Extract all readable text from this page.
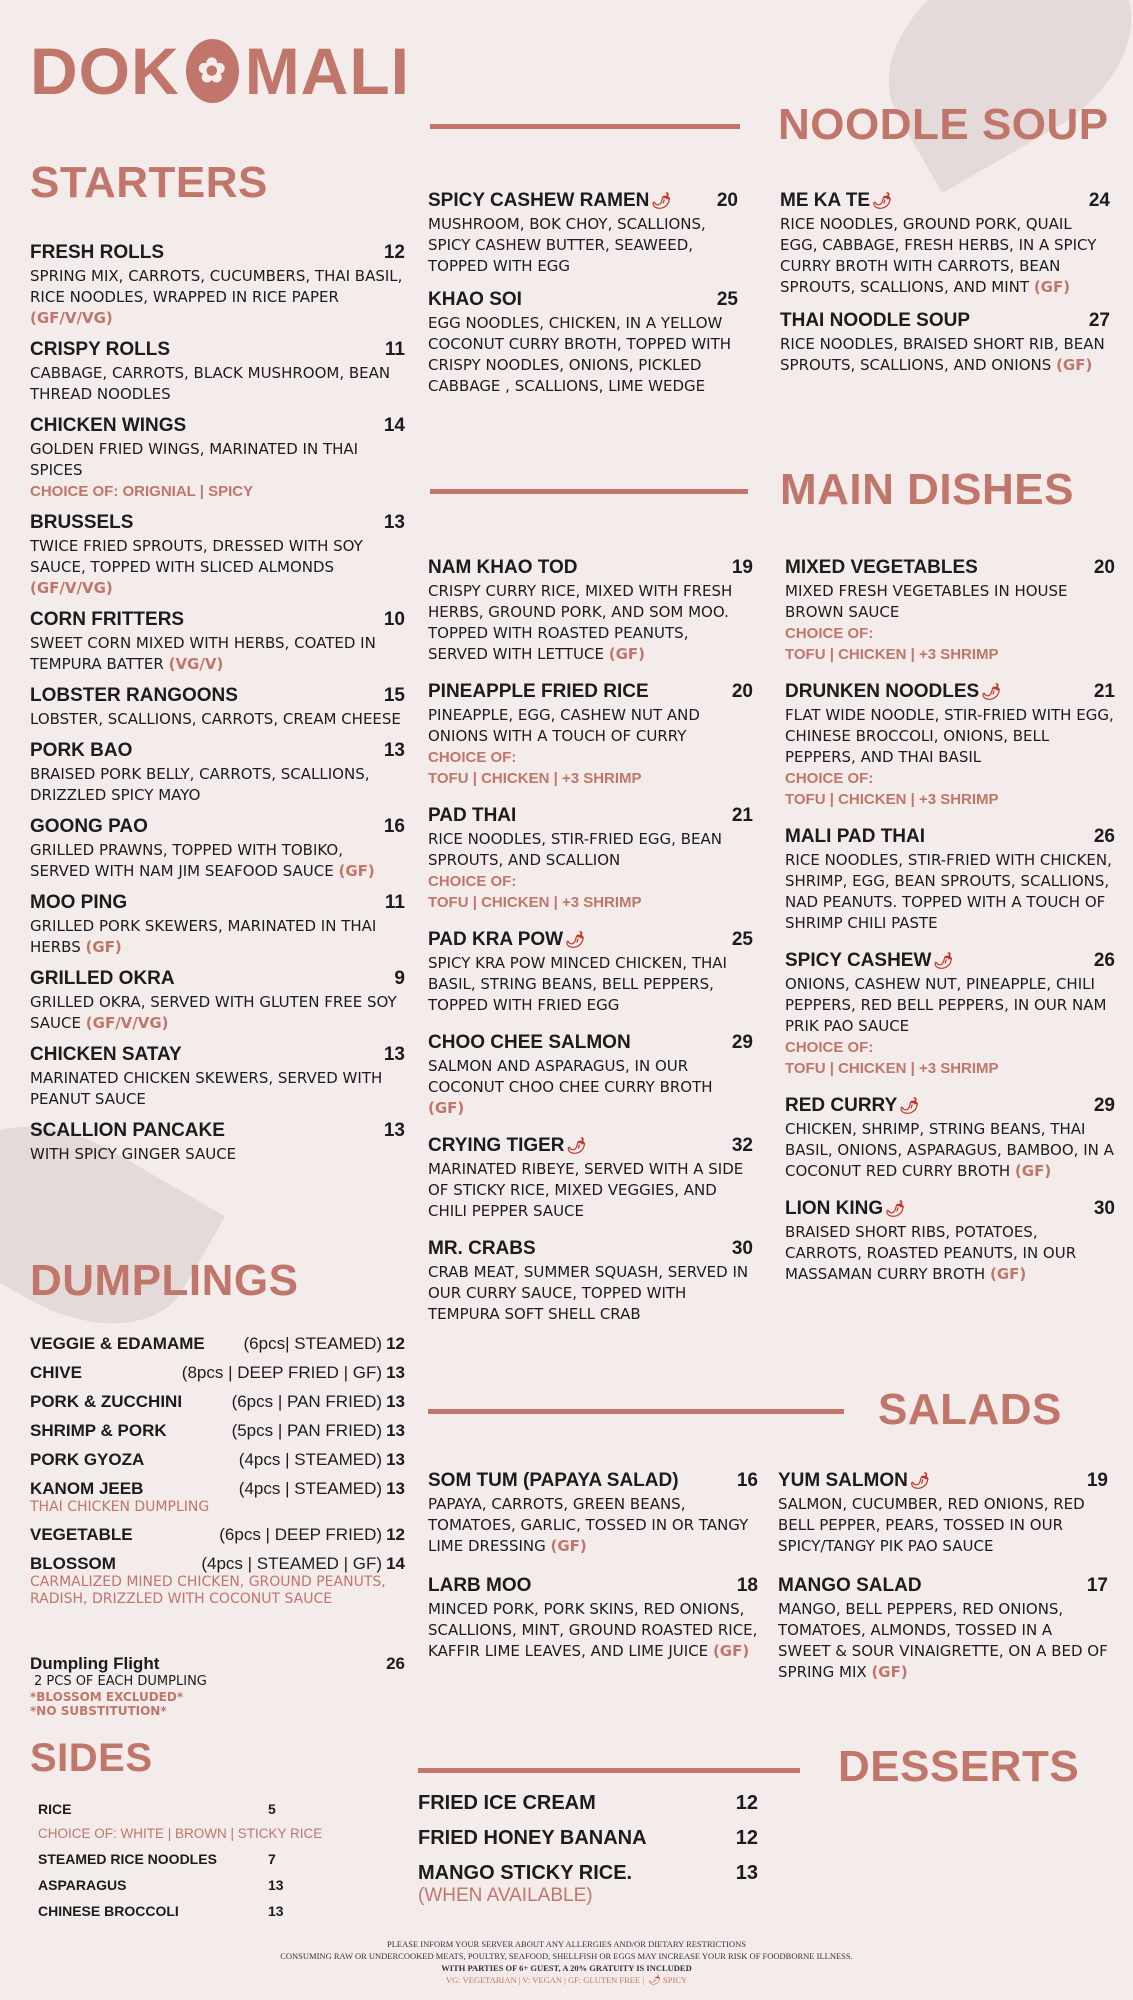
DOK ✿ MALI
STARTERS
FRESH ROLLS	12
SPRING MIX, CARROTS, CUCUMBERS, THAI BASIL, RICE NOODLES, WRAPPED IN RICE PAPER (GF/V/VG)
CRISPY ROLLS	11
CABBAGE, CARROTS, BLACK MUSHROOM, BEAN THREAD NOODLES
CHICKEN WINGS	14
GOLDEN FRIED WINGS, MARINATED IN THAI SPICES
CHOICE OF: ORIGNIAL | SPICY
BRUSSELS	13
TWICE FRIED SPROUTS, DRESSED WITH SOY SAUCE, TOPPED WITH SLICED ALMONDS (GF/V/VG)
CORN FRITTERS	10
SWEET CORN MIXED WITH HERBS, COATED IN TEMPURA BATTER (VG/V)
LOBSTER RANGOONS	15
LOBSTER, SCALLIONS, CARROTS, CREAM CHEESE
PORK BAO	13
BRAISED PORK BELLY, CARROTS, SCALLIONS, DRIZZLED SPICY MAYO
GOONG PAO	16
GRILLED PRAWNS, TOPPED WITH TOBIKO, SERVED WITH NAM JIM SEAFOOD SAUCE (GF)
MOO PING	11
GRILLED PORK SKEWERS, MARINATED IN THAI HERBS (GF)
GRILLED OKRA	9
GRILLED OKRA, SERVED WITH GLUTEN FREE SOY SAUCE (GF/V/VG)
CHICKEN SATAY	13
MARINATED CHICKEN SKEWERS, SERVED WITH PEANUT SAUCE
SCALLION PANCAKE	13
WITH SPICY GINGER SAUCE
DUMPLINGS
VEGGIE & EDAMAME	(6pcs| STEAMED) 12
CHIVE	(8pcs | DEEP FRIED | GF) 13
PORK & ZUCCHINI	(6pcs | PAN FRIED) 13
SHRIMP & PORK	(5pcs | PAN FRIED) 13
PORK GYOZA	(4pcs | STEAMED) 13
KANOM JEEB	(4pcs | STEAMED) 13
THAI CHICKEN DUMPLING
VEGETABLE	(6pcs | DEEP FRIED) 12
BLOSSOM	(4pcs | STEAMED | GF) 14
CARMALIZED MINED CHICKEN, GROUND PEANUTS, RADISH, DRIZZLED WITH COCONUT SAUCE
Dumpling Flight	26
2 PCS OF EACH DUMPLING
*BLOSSOM EXCLUDED*
*NO SUBSTITUTION*
SIDES
RICE	5
CHOICE OF: WHITE | BROWN | STICKY RICE
STEAMED RICE NOODLES	7
ASPARAGUS	13
CHINESE BROCCOLI	13
NOODLE SOUP
SPICY CASHEW RAMEN 🌶 20
MUSHROOM, BOK CHOY, SCALLIONS, SPICY CASHEW BUTTER, SEAWEED, TOPPED WITH EGG
KHAO SOI	25
EGG NOODLES, CHICKEN, IN A YELLOW COCONUT CURRY BROTH, TOPPED WITH CRISPY NOODLES, ONIONS, PICKLED CABBAGE , SCALLIONS, LIME WEDGE
ME KA TE 🌶	24
RICE NOODLES, GROUND PORK, QUAIL EGG, CABBAGE, FRESH HERBS, IN A SPICY CURRY BROTH WITH CARROTS, BEAN SPROUTS, SCALLIONS, AND MINT (GF)
THAI NOODLE SOUP	27
RICE NOODLES, BRAISED SHORT RIB, BEAN SPROUTS, SCALLIONS, AND ONIONS (GF)
MAIN DISHES
NAM KHAO TOD	19
CRISPY CURRY RICE, MIXED WITH FRESH HERBS, GROUND PORK, AND SOM MOO. TOPPED WITH ROASTED PEANUTS, SERVED WITH LETTUCE (GF)
PINEAPPLE FRIED RICE	20
PINEAPPLE, EGG, CASHEW NUT AND ONIONS WITH A TOUCH OF CURRY
CHOICE OF:
TOFU | CHICKEN | +3 SHRIMP
PAD THAI	21
RICE NOODLES, STIR-FRIED EGG, BEAN SPROUTS, AND SCALLION
CHOICE OF:
TOFU | CHICKEN | +3 SHRIMP
PAD KRA POW 🌶	25
SPICY KRA POW MINCED CHICKEN, THAI BASIL, STRING BEANS, BELL PEPPERS, TOPPED WITH FRIED EGG
CHOO CHEE SALMON	29
SALMON AND ASPARAGUS, IN OUR COCONUT CHOO CHEE CURRY BROTH (GF)
CRYING TIGER 🌶	32
MARINATED RIBEYE, SERVED WITH A SIDE OF STICKY RICE, MIXED VEGGIES, AND CHILI PEPPER SAUCE
MR. CRABS	30
CRAB MEAT, SUMMER SQUASH, SERVED IN OUR CURRY SAUCE, TOPPED WITH TEMPURA SOFT SHELL CRAB
MIXED VEGETABLES	20
MIXED FRESH VEGETABLES IN HOUSE BROWN SAUCE
CHOICE OF:
TOFU | CHICKEN | +3 SHRIMP
DRUNKEN NOODLES 🌶	21
FLAT WIDE NOODLE, STIR-FRIED WITH EGG, CHINESE BROCCOLI, ONIONS, BELL PEPPERS, AND THAI BASIL
CHOICE OF:
TOFU | CHICKEN | +3 SHRIMP
MALI PAD THAI	26
RICE NOODLES, STIR-FRIED WITH CHICKEN, SHRIMP, EGG, BEAN SPROUTS, SCALLIONS, NAD PEANUTS. TOPPED WITH A TOUCH OF SHRIMP CHILI PASTE
SPICY CASHEW 🌶	26
ONIONS, CASHEW NUT, PINEAPPLE, CHILI PEPPERS, RED BELL PEPPERS, IN OUR NAM PRIK PAO SAUCE
CHOICE OF:
TOFU | CHICKEN | +3 SHRIMP
RED CURRY 🌶	29
CHICKEN, SHRIMP, STRING BEANS, THAI BASIL, ONIONS, ASPARAGUS, BAMBOO, IN A COCONUT RED CURRY BROTH (GF)
LION KING 🌶	30
BRAISED SHORT RIBS, POTATOES, CARROTS, ROASTED PEANUTS, IN OUR MASSAMAN CURRY BROTH (GF)
SALADS
SOM TUM (PAPAYA SALAD)	16
PAPAYA, CARROTS, GREEN BEANS, TOMATOES, GARLIC, TOSSED IN OR TANGY LIME DRESSING (GF)
LARB MOO	18
MINCED PORK, PORK SKINS, RED ONIONS, SCALLIONS, MINT, GROUND ROASTED RICE, KAFFIR LIME LEAVES, AND LIME JUICE (GF)
YUM SALMON 🌶	19
SALMON, CUCUMBER, RED ONIONS, RED BELL PEPPER, PEARS, TOSSED IN OUR SPICY/TANGY PIK PAO SAUCE
MANGO SALAD	17
MANGO, BELL PEPPERS, RED ONIONS, TOMATOES, ALMONDS, TOSSED IN A SWEET & SOUR VINAIGRETTE, ON A BED OF SPRING MIX (GF)
DESSERTS
FRIED ICE CREAM	12
FRIED HONEY BANANA	12
MANGO STICKY RICE.	13
(WHEN AVAILABLE)
PLEASE INFORM YOUR SERVER ABOUT ANY ALLERGIES AND/OR DIETARY RESTRICTIONS
CONSUMING RAW OR UNDERCOOKED MEATS, POULTRY, SEAFOOD, SHELLFISH OR EGGS MAY INCREASE YOUR RISK OF FOODBORNE ILLNESS.
WITH PARTIES OF 6+ GUEST, A 20% GRATUITY IS INCLUDED
VG: VEGETARIAN | V: VEGAN | GF: GLUTEN FREE | 🌶 SPICY
